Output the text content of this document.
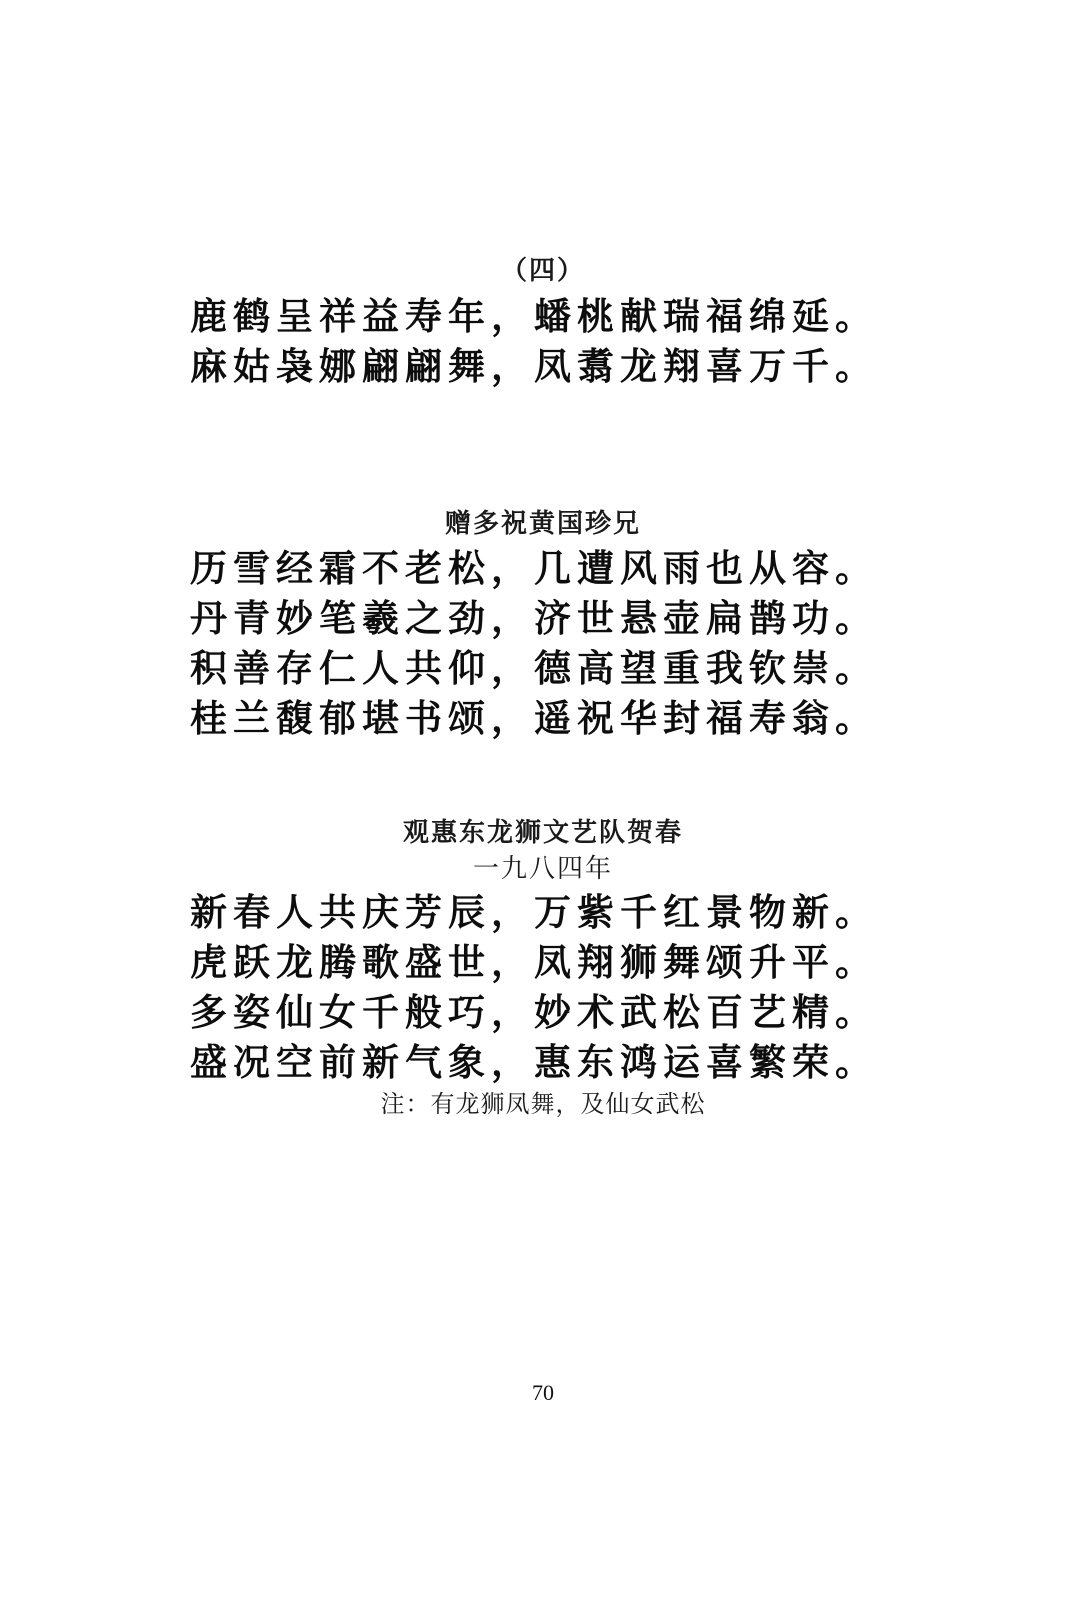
（四）
鹿鹤呈祥益寿年，蟠桃献瑞福绵延。
麻姑袅娜翩翩舞，凤翥龙翔喜万千。
赠多祝黄国珍兄
历雪经霜不老松，几遭风雨也从容。
丹青妙笔羲之劲，济世悬壶扁鹊功。
积善存仁人共仰，德高望重我钦崇。
桂兰馥郁堪书颂，遥祝华封福寿翁。
观惠东龙狮文艺队贺春
一九八四年
新春人共庆芳辰，万紫千红景物新。
虎跃龙腾歌盛世，凤翔狮舞颂升平。
多姿仙女千般巧，妙术武松百艺精。
盛况空前新气象，惠东鸿运喜繁荣。
注：有龙狮凤舞，及仙女武松
70
